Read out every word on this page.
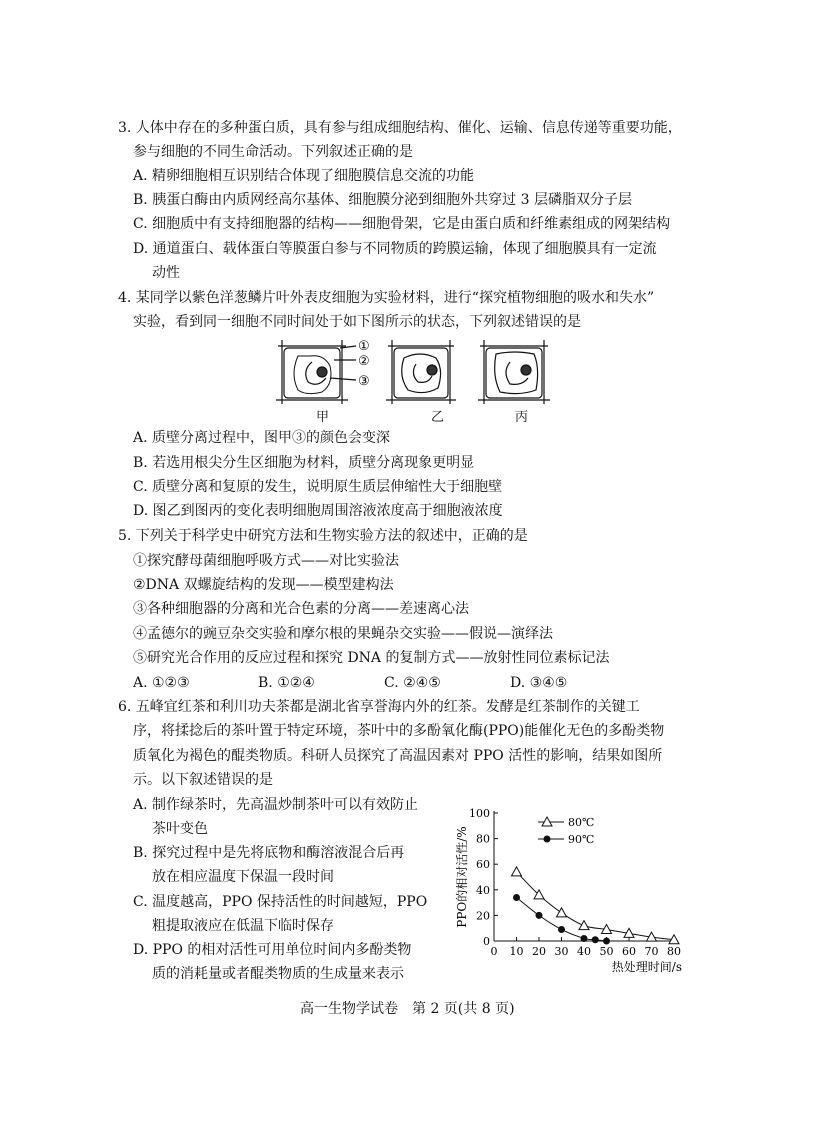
3. 人体中存在的多种蛋白质，具有参与组成细胞结构、催化、运输、信息传递等重要功能，
参与细胞的不同生命活动。下列叙述正确的是
A. 精卵细胞相互识别结合体现了细胞膜信息交流的功能
B. 胰蛋白酶由内质网经高尔基体、细胞膜分泌到细胞外共穿过 3 层磷脂双分子层
C. 细胞质中有支持细胞器的结构——细胞骨架，它是由蛋白质和纤维素组成的网架结构
D. 通道蛋白、载体蛋白等膜蛋白参与不同物质的跨膜运输，体现了细胞膜具有一定流
动性
4. 某同学以紫色洋葱鳞片叶外表皮细胞为实验材料，进行“探究植物细胞的吸水和失水”
实验，看到同一细胞不同时间处于如下图所示的状态，下列叙述错误的是
①
②
③
甲	乙	丙
A. 质壁分离过程中，图甲③的颜色会变深
B. 若选用根尖分生区细胞为材料，质壁分离现象更明显
C. 质壁分离和复原的发生，说明原生质层伸缩性大于细胞壁
D. 图乙到图丙的变化表明细胞周围溶液浓度高于细胞液浓度
5. 下列关于科学史中研究方法和生物实验方法的叙述中，正确的是
①探究酵母菌细胞呼吸方式——对比实验法
②DNA 双螺旋结构的发现——模型建构法
③各种细胞器的分离和光合色素的分离——差速离心法
④孟德尔的豌豆杂交实验和摩尔根的果蝇杂交实验——假说—演绎法
⑤研究光合作用的反应过程和探究 DNA 的复制方式——放射性同位素标记法
A. ①②③	B. ①②④	C. ②④⑤	D. ③④⑤
6. 五峰宜红茶和利川功夫茶都是湖北省享誉海内外的红茶。发酵是红茶制作的关键工
序，将揉捻后的茶叶置于特定环境，茶叶中的多酚氧化酶(PPO)能催化无色的多酚类物
质氧化为褐色的醌类物质。科研人员探究了高温因素对 PPO 活性的影响，结果如图所
示。以下叙述错误的是
A. 制作绿茶时，先高温炒制茶叶可以有效防止
茶叶变色
B. 探究过程中是先将底物和酶溶液混合后再
放在相应温度下保温一段时间
C. 温度越高，PPO 保持活性的时间越短，PPO
粗提取液应在低温下临时保存
D. PPO 的相对活性可用单位时间内多酚类物
质的消耗量或者醌类物质的生成量来表示
0
20
40
60
80
100
0 10 20 30 40 50 60 70 80
热处理时间/s
PPO的相对活性/%
80℃
90℃
高一生物学试卷　第 2 页(共 8 页)
